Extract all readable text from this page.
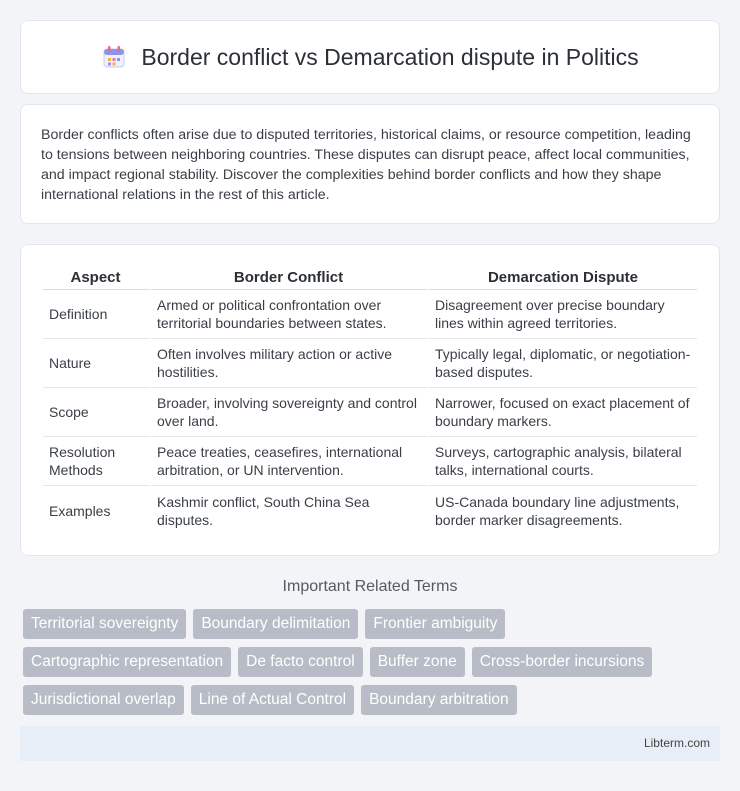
Border conflict vs Demarcation dispute in Politics

Border conflicts often arise due to disputed territories, historical claims, or resource competition, leading to tensions between neighboring countries. These disputes can disrupt peace, affect local communities, and impact regional stability. Discover the complexities behind border conflicts and how they shape international relations in the rest of this article.

Aspect	Border Conflict	Demarcation Dispute
Definition	Armed or political confrontation over territorial boundaries between states.	Disagreement over precise boundary lines within agreed territories.
Nature	Often involves military action or active hostilities.	Typically legal, diplomatic, or negotiation-based disputes.
Scope	Broader, involving sovereignty and control over land.	Narrower, focused on exact placement of boundary markers.
Resolution Methods	Peace treaties, ceasefires, international arbitration, or UN intervention.	Surveys, cartographic analysis, bilateral talks, international courts.
Examples	Kashmir conflict, South China Sea disputes.	US-Canada boundary line adjustments, border marker disagreements.
Important Related Terms
Territorial sovereignty	Boundary delimitation	Frontier ambiguity
Cartographic representation	De facto control	Buffer zone	Cross-border incursions
Jurisdictional overlap	Line of Actual Control	Boundary arbitration
Libterm.com
